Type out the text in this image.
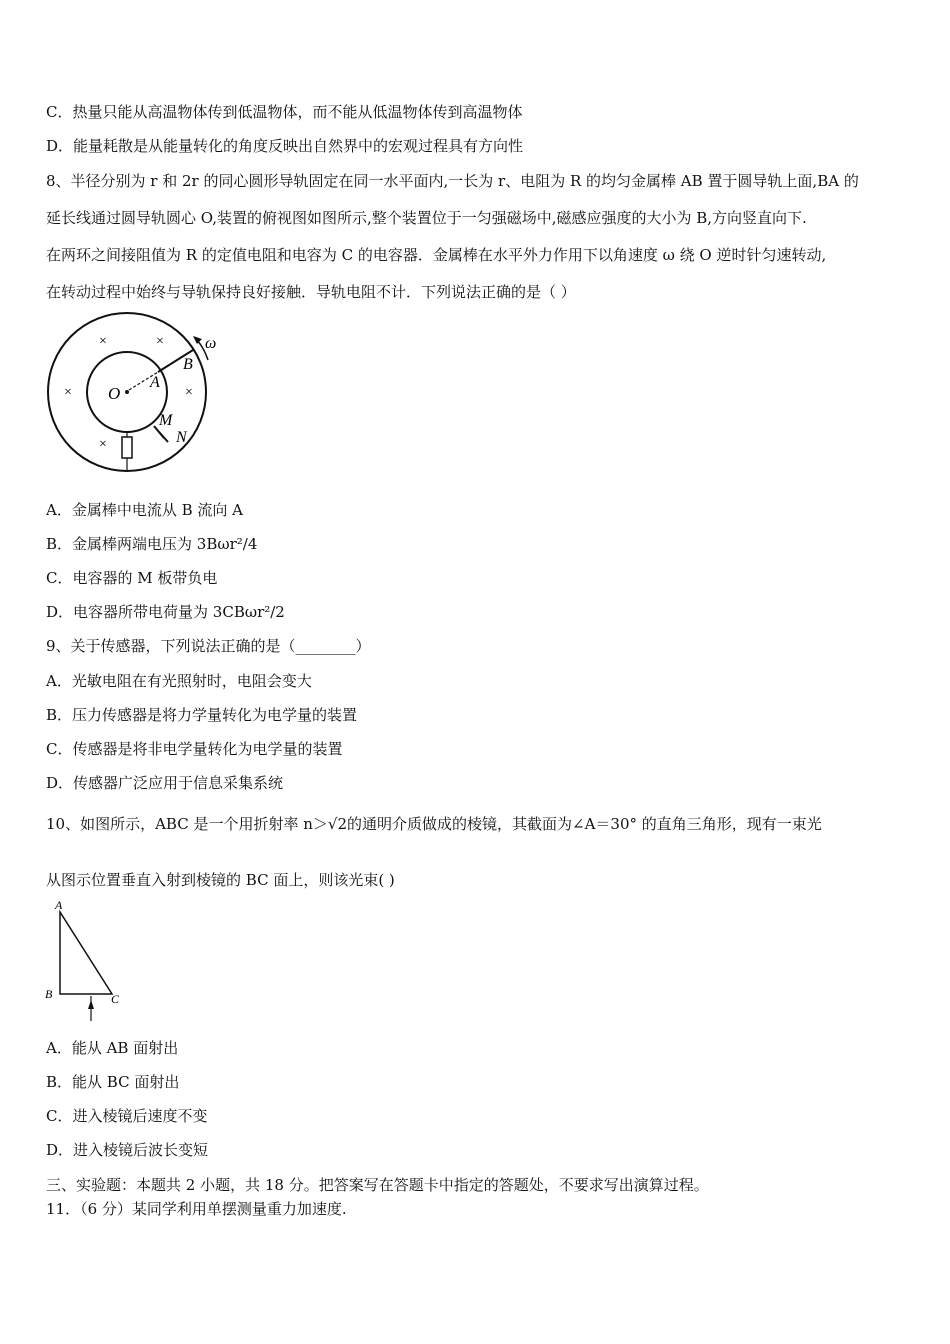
C．热量只能从高温物体传到低温物体，而不能从低温物体传到高温物体
D．能量耗散是从能量转化的角度反映出自然界中的宏观过程具有方向性
8、半径分别为 r 和 2r 的同心圆形导轨固定在同一水平面内,一长为 r、电阻为 R 的均匀金属棒 AB 置于圆导轨上面,BA 的
延长线通过圆导轨圆心 O,装置的俯视图如图所示,整个装置位于一匀强磁场中,磁感应强度的大小为 B,方向竖直向下.
在两环之间接阻值为 R 的定值电阻和电容为 C 的电容器．金属棒在水平外力作用下以角速度 ω 绕 O 逆时针匀速转动,
在转动过程中始终与导轨保持良好接触．导轨电阻不计．下列说法正确的是（ ）
ω
O
A
B
×	×
×	×
×
M
N
A．金属棒中电流从 B 流向 A
B．金属棒两端电压为 3Bωr²/4
C．电容器的 M 板带负电
D．电容器所带电荷量为 3CBωr²/2
9、关于传感器，下列说法正确的是（________）
A．光敏电阻在有光照射时，电阻会变大
B．压力传感器是将力学量转化为电学量的装置
C．传感器是将非电学量转化为电学量的装置
D．传感器广泛应用于信息采集系统
10、如图所示，ABC 是一个用折射率 n＞√2的通明介质做成的棱镜，其截面为∠A＝30° 的直角三角形，现有一束光
从图示位置垂直入射到棱镜的 BC 面上，则该光束( )
A
B	C
A．能从 AB 面射出
B．能从 BC 面射出
C．进入棱镜后速度不变
D．进入棱镜后波长变短
三、实验题：本题共 2 小题，共 18 分。把答案写在答题卡中指定的答题处，不要求写出演算过程。
11．（6 分）某同学利用单摆测量重力加速度.
